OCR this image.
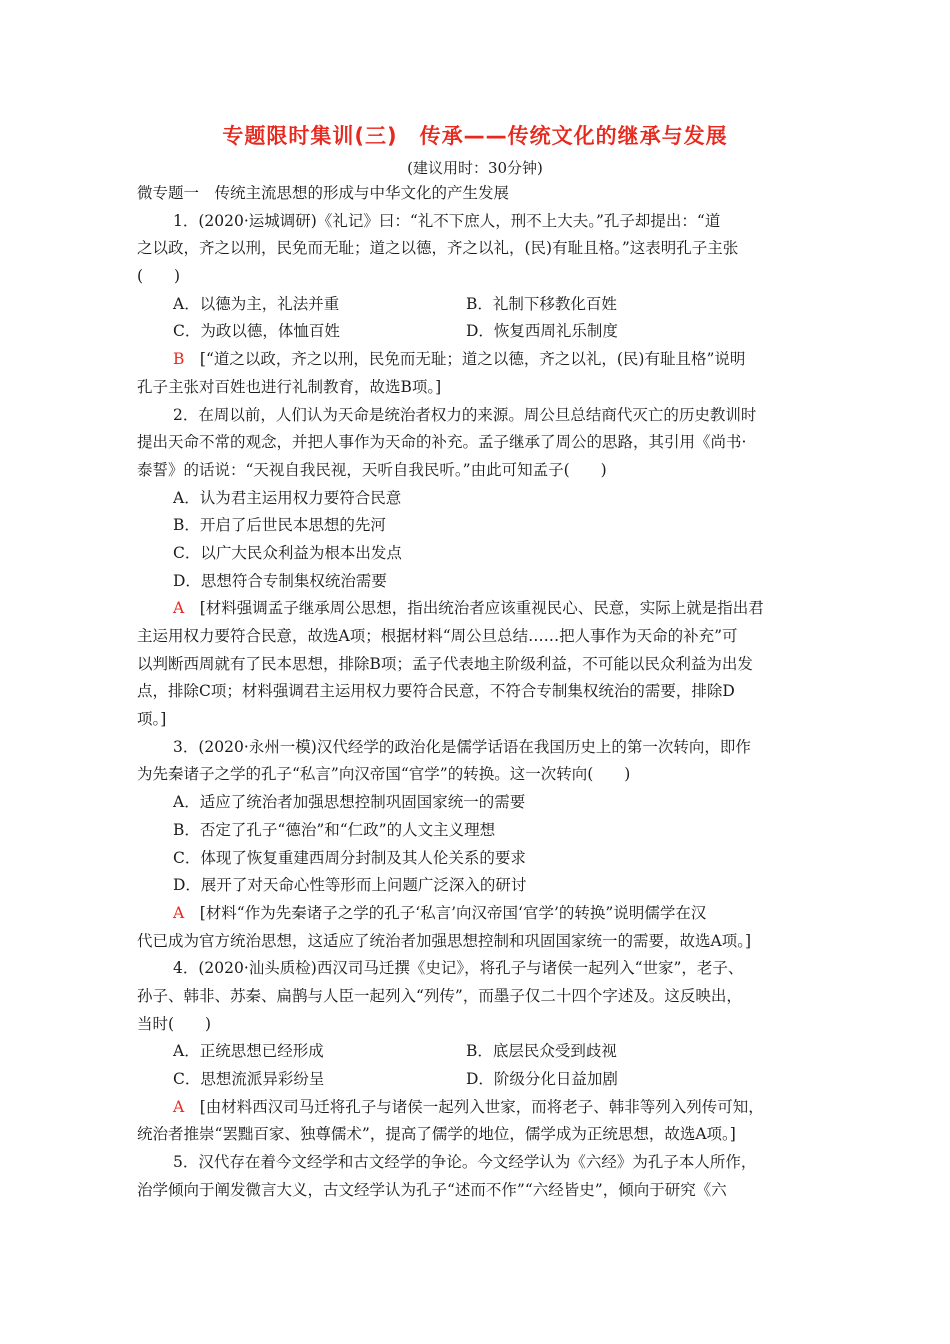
专题限时集训(三)　传承——传统文化的继承与发展
(建议用时：30分钟)
微专题一　传统主流思想的形成与中华文化的产生发展
1．(2020·运城调研)《礼记》曰：“礼不下庶人，刑不上大夫。”孔子却提出：“道
之以政，齐之以刑，民免而无耻；道之以德，齐之以礼，(民)有耻且格。”这表明孔子主张
(　　)
A．以德为主，礼法并重	B．礼制下移教化百姓
C．为政以德，体恤百姓	D．恢复西周礼乐制度
B　 [“道之以政，齐之以刑，民免而无耻；道之以德，齐之以礼，(民)有耻且格”说明
孔子主张对百姓也进行礼制教育，故选B项。]
2．在周以前，人们认为天命是统治者权力的来源。周公旦总结商代灭亡的历史教训时
提出天命不常的观念，并把人事作为天命的补充。孟子继承了周公的思路，其引用《尚书·
泰誓》的话说：“天视自我民视，天听自我民听。”由此可知孟子(　　)
A．认为君主运用权力要符合民意
B．开启了后世民本思想的先河
C．以广大民众利益为根本出发点
D．思想符合专制集权统治需要
A　 [材料强调孟子继承周公思想，指出统治者应该重视民心、民意，实际上就是指出君
主运用权力要符合民意，故选A项；根据材料“周公旦总结……把人事作为天命的补充”可
以判断西周就有了民本思想，排除B项；孟子代表地主阶级利益，不可能以民众利益为出发
点，排除C项；材料强调君主运用权力要符合民意，不符合专制集权统治的需要，排除D
项。]
3．(2020·永州一模)汉代经学的政治化是儒学话语在我国历史上的第一次转向，即作
为先秦诸子之学的孔子“私言”向汉帝国“官学”的转换。这一次转向(　　)
A．适应了统治者加强思想控制巩固国家统一的需要
B．否定了孔子“德治”和“仁政”的人文主义理想
C．体现了恢复重建西周分封制及其人伦关系的要求
D．展开了对天命心性等形而上问题广泛深入的研讨
A　 [材料“作为先秦诸子之学的孔子‘私言’向汉帝国‘官学’的转换”说明儒学在汉
代已成为官方统治思想，这适应了统治者加强思想控制和巩固国家统一的需要，故选A项。]
4．(2020·汕头质检)西汉司马迁撰《史记》，将孔子与诸侯一起列入“世家”，老子、
孙子、韩非、苏秦、扁鹊与人臣一起列入“列传”，而墨子仅二十四个字述及。这反映出，
当时(　　)
A．正统思想已经形成	B．底层民众受到歧视
C．思想流派异彩纷呈	D．阶级分化日益加剧
A　 [由材料西汉司马迁将孔子与诸侯一起列入世家，而将老子、韩非等列入列传可知，
统治者推崇“罢黜百家、独尊儒术”，提高了儒学的地位，儒学成为正统思想，故选A项。]
5．汉代存在着今文经学和古文经学的争论。今文经学认为《六经》为孔子本人所作，
治学倾向于阐发微言大义，古文经学认为孔子“述而不作”“六经皆史”，倾向于研究《六
